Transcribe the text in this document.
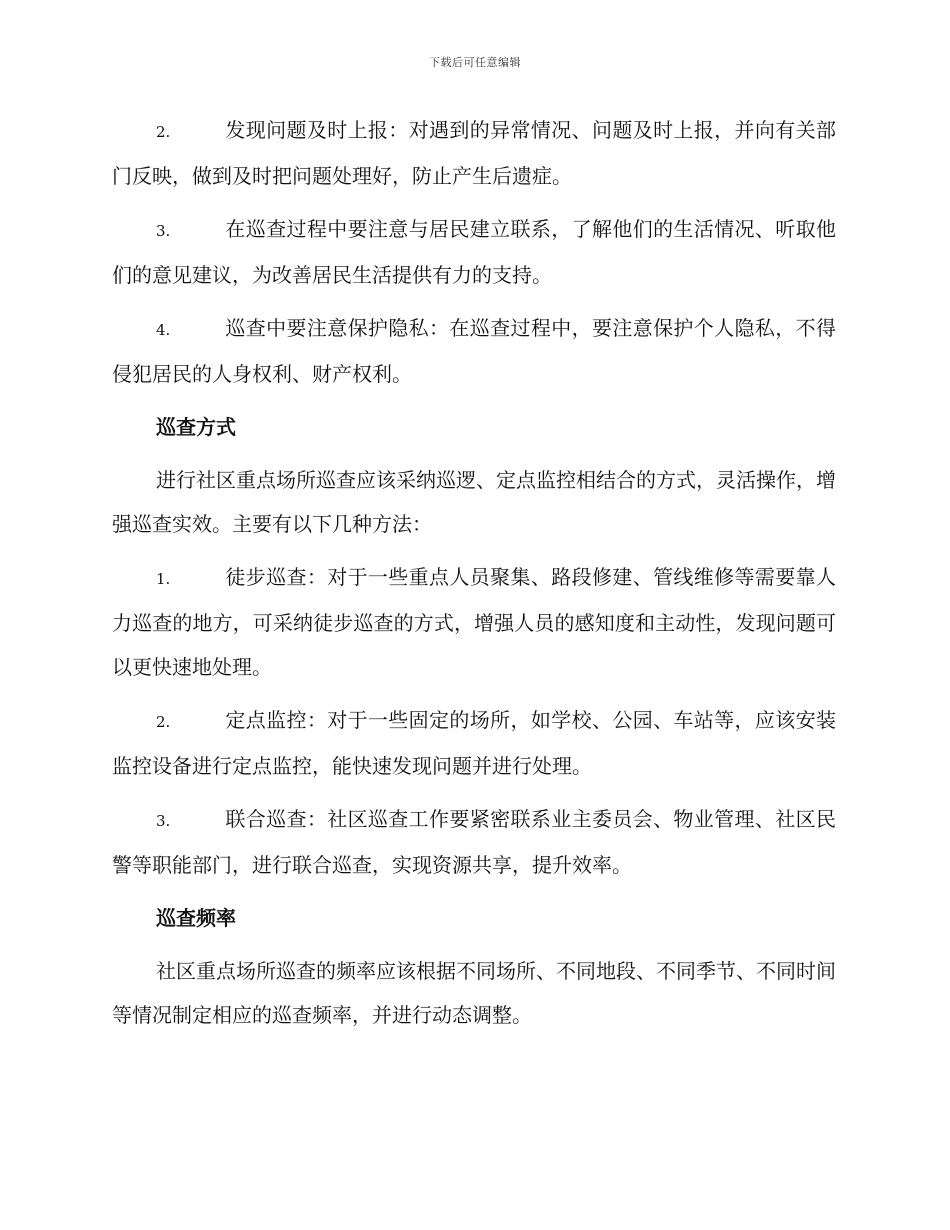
下载后可任意编辑

2.	发现问题及时上报：对遇到的异常情况、问题及时上报，并向有关部门反映，做到及时把问题处理好，防止产生后遗症。

3.	在巡查过程中要注意与居民建立联系，了解他们的生活情况、听取他们的意见建议，为改善居民生活提供有力的支持。

4.	巡查中要注意保护隐私：在巡查过程中，要注意保护个人隐私，不得侵犯居民的人身权利、财产权利。

巡查方式

进行社区重点场所巡查应该采纳巡逻、定点监控相结合的方式，灵活操作，增强巡查实效。主要有以下几种方法：

1.	徒步巡查：对于一些重点人员聚集、路段修建、管线维修等需要靠人力巡查的地方，可采纳徒步巡查的方式，增强人员的感知度和主动性，发现问题可以更快速地处理。

2.	定点监控：对于一些固定的场所，如学校、公园、车站等，应该安装监控设备进行定点监控，能快速发现问题并进行处理。

3.	联合巡查：社区巡查工作要紧密联系业主委员会、物业管理、社区民警等职能部门，进行联合巡查，实现资源共享，提升效率。

巡查频率

社区重点场所巡查的频率应该根据不同场所、不同地段、不同季节、不同时间等情况制定相应的巡查频率，并进行动态调整。
